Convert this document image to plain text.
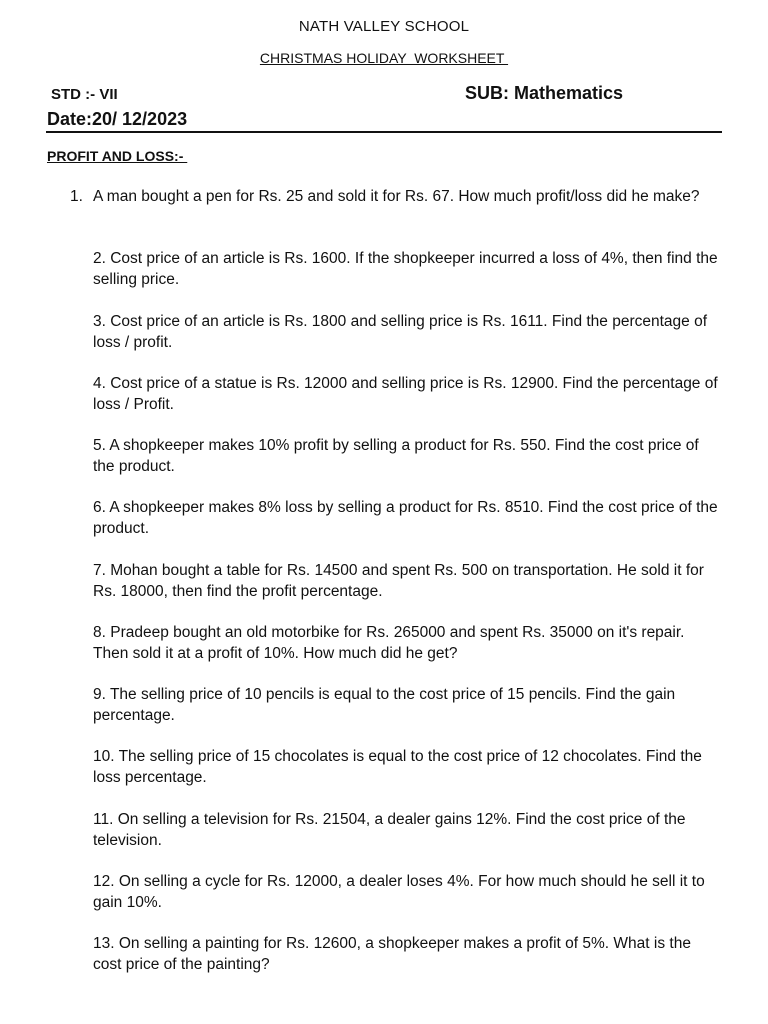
NATH VALLEY SCHOOL
CHRISTMAS HOLIDAY  WORKSHEET
STD :- VII	SUB: Mathematics
Date:20/ 12/2023
PROFIT AND LOSS:-
1. A man bought a pen for Rs. 25 and sold it for Rs. 67. How much profit/loss did he make?
2. Cost price of an article is Rs. 1600. If the shopkeeper incurred a loss of 4%, then find the selling price.
3. Cost price of an article is Rs. 1800 and selling price is Rs. 1611. Find the percentage of loss / profit.
4. Cost price of a statue is Rs. 12000 and selling price is Rs. 12900. Find the percentage of loss / Profit.
5. A shopkeeper makes 10% profit by selling a product for Rs. 550. Find the cost price of the product.
6. A shopkeeper makes 8% loss by selling a product for Rs. 8510. Find the cost price of the product.
7. Mohan bought a table for Rs. 14500 and spent Rs. 500 on transportation. He sold it for Rs. 18000, then find the profit percentage.
8. Pradeep bought an old motorbike for Rs. 265000 and spent Rs. 35000 on it's repair. Then sold it at a profit of 10%. How much did he get?
9. The selling price of 10 pencils is equal to the cost price of 15 pencils. Find the gain percentage.
10. The selling price of 15 chocolates is equal to the cost price of 12 chocolates. Find the loss percentage.
11. On selling a television for Rs. 21504, a dealer gains 12%. Find the cost price of the television.
12. On selling a cycle for Rs. 12000, a dealer loses 4%. For how much should he sell it to gain 10%.
13. On selling a painting for Rs. 12600, a shopkeeper makes a profit of 5%. What is the cost price of the painting?
